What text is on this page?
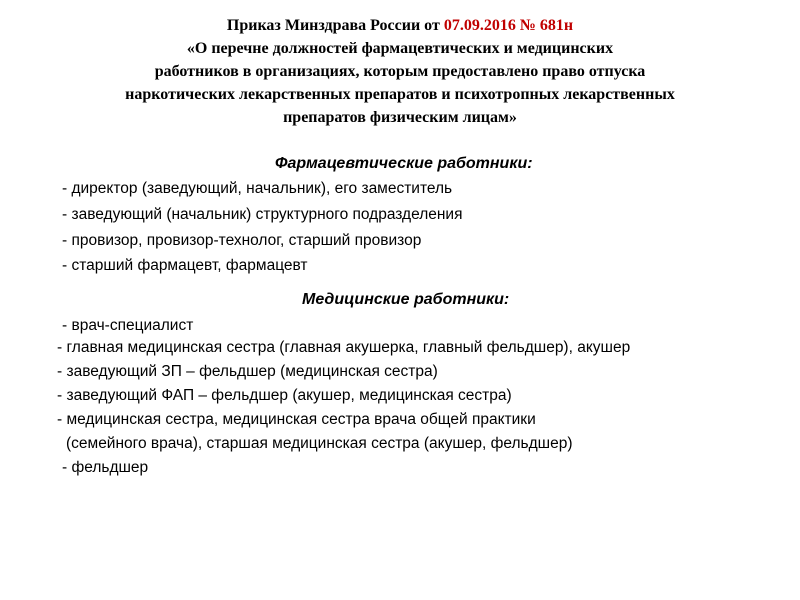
Приказ Минздрава России от 07.09.2016 № 681н
«О перечне должностей фармацевтических и медицинских
работников в организациях, которым предоставлено право отпуска
наркотических лекарственных препаратов и психотропных лекарственных
препаратов физическим лицам»
Фармацевтические работники:
- директор (заведующий, начальник), его заместитель
- заведующий (начальник) структурного подразделения
- провизор, провизор-технолог, старший провизор
- старший фармацевт, фармацевт
Медицинские работники:
- врач-специалист
- главная медицинская сестра (главная акушерка, главный фельдшер), акушер
- заведующий ЗП – фельдшер (медицинская сестра)
- заведующий ФАП – фельдшер (акушер, медицинская сестра)
- медицинская сестра, медицинская сестра врача общей практики
(семейного врача), старшая медицинская сестра (акушер, фельдшер)
- фельдшер
